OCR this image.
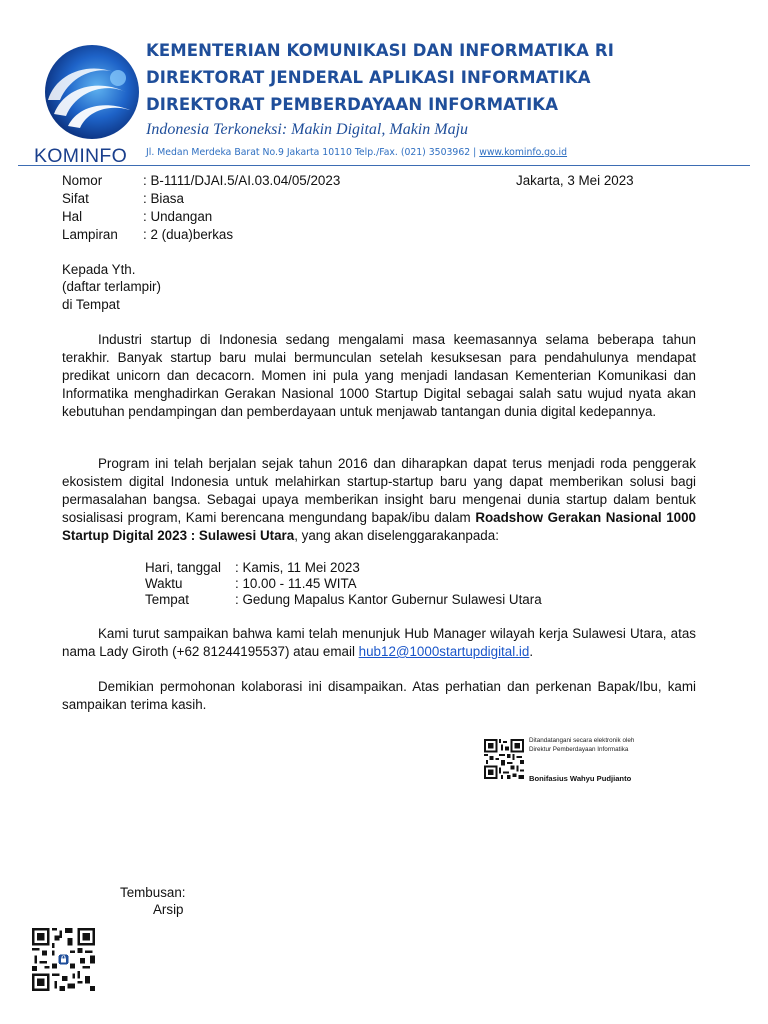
KOMINFO
KEMENTERIAN KOMUNIKASI DAN INFORMATIKA RI
DIREKTORAT JENDERAL APLIKASI INFORMATIKA
DIREKTORAT PEMBERDAYAAN INFORMATIKA
Indonesia Terkoneksi: Makin Digital, Makin Maju
Jl. Medan Merdeka Barat No.9 Jakarta 10110 Telp./Fax. (021) 3503962 | www.kominfo.go.id
Nomor	: B-1111/DJAI.5/AI.03.04/05/2023	Jakarta, 3 Mei 2023
Sifat	: Biasa
Hal	: Undangan
Lampiran : 2 (dua)berkas
Kepada Yth.
(daftar terlampir)
di Tempat

Industri startup di Indonesia sedang mengalami masa keemasannya selama beberapa tahun terakhir. Banyak startup baru mulai bermunculan setelah kesuksesan para pendahulunya mendapat predikat unicorn dan decacorn. Momen ini pula yang menjadi landasan Kementerian Komunikasi dan Informatika menghadirkan Gerakan Nasional 1000 Startup Digital sebagai salah satu wujud nyata akan kebutuhan pendampingan dan pemberdayaan untuk menjawab tantangan dunia digital kedepannya.

Program ini telah berjalan sejak tahun 2016 dan diharapkan dapat terus menjadi roda penggerak ekosistem digital Indonesia untuk melahirkan startup-startup baru yang dapat memberikan solusi bagi permasalahan bangsa. Sebagai upaya memberikan insight baru mengenai dunia startup dalam bentuk sosialisasi program, Kami berencana mengundang bapak/ibu dalam Roadshow Gerakan Nasional 1000 Startup Digital 2023 : Sulawesi Utara, yang akan diselenggarakanpada:

Hari, tanggal : Kamis, 11 Mei 2023
Waktu	: 10.00 - 11.45 WITA
Tempat	: Gedung Mapalus Kantor Gubernur Sulawesi Utara

Kami turut sampaikan bahwa kami telah menunjuk Hub Manager wilayah kerja Sulawesi Utara, atas nama Lady Giroth (+62 81244195537) atau email hub12@1000startupdigital.id.

Demikian permohonan kolaborasi ini disampaikan. Atas perhatian dan perkenan Bapak/Ibu, kami sampaikan terima kasih.

Ditandatangani secara elektronik oleh
Direktur Pemberdayaan Informatika
Bonifasius Wahyu Pudjianto
Tembusan:
Arsip
